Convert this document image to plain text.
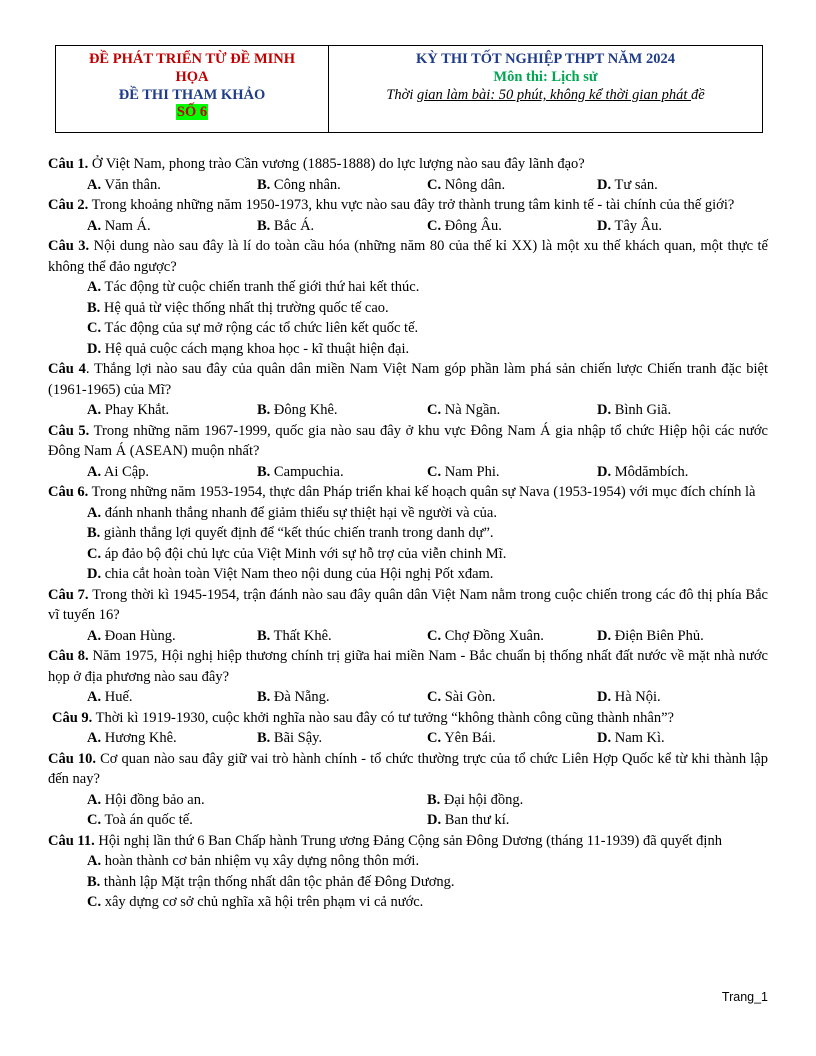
ĐỀ PHÁT TRIỂN TỪ ĐỀ MINH
HỌA
ĐỀ THI THAM KHẢO
SỐ 6
KỲ THI TỐT NGHIỆP THPT NĂM 2024
Môn thi: Lịch sử
Thời gian làm bài: 50 phút, không kể thời gian phát đề

Câu 1. Ở Việt Nam, phong trào Cần vương (1885-1888) do lực lượng nào sau đây lãnh đạo?

A. Văn thân.	B. Công nhân.	C. Nông dân.	D. Tư sản.

Câu 2. Trong khoảng những năm 1950-1973, khu vực nào sau đây trở thành trung tâm kinh tế - tài chính của thế giới?

A. Nam Á.	B. Bắc Á.	C. Đông Âu.	D. Tây Âu.

Câu 3. Nội dung nào sau đây là lí do toàn cầu hóa (những năm 80 của thế kỉ XX) là một xu thế khách quan, một thực tế không thể đảo ngược?

A. Tác động từ cuộc chiến tranh thế giới thứ hai kết thúc.
B. Hệ quả từ việc thống nhất thị trường quốc tế cao.
C. Tác động của sự mở rộng các tổ chức liên kết quốc tế.
D. Hệ quả cuộc cách mạng khoa học - kĩ thuật hiện đại.

Câu 4. Thắng lợi nào sau đây của quân dân miền Nam Việt Nam góp phần làm phá sản chiến lược Chiến tranh đặc biệt (1961-1965) của Mĩ?

A. Phay Khắt.	B. Đông Khê.	C. Nà Ngần.	D. Bình Giã.

Câu 5. Trong những năm 1967-1999, quốc gia nào sau đây ở khu vực Đông Nam Á gia nhập tổ chức Hiệp hội các nước Đông Nam Á (ASEAN) muộn nhất?

A. Ai Cập.	B. Campuchia.	C. Nam Phi.	D. Môdămbích.

Câu 6. Trong những năm 1953-1954, thực dân Pháp triển khai kế hoạch quân sự Nava (1953-1954) với mục đích chính là

A. đánh nhanh thắng nhanh để giảm thiểu sự thiệt hại về người và của.
B. giành thắng lợi quyết định để “kết thúc chiến tranh trong danh dự”.
C. áp đảo bộ đội chủ lực của Việt Minh với sự hỗ trợ của viễn chinh Mĩ.
D. chia cắt hoàn toàn Việt Nam theo nội dung của Hội nghị Pốt xđam.

Câu 7. Trong thời kì 1945-1954, trận đánh nào sau đây quân dân Việt Nam nằm trong cuộc chiến trong các đô thị phía Bắc vĩ tuyến 16?

A. Đoan Hùng.	B. Thất Khê.	C. Chợ Đồng Xuân.	D. Điện Biên Phủ.

Câu 8. Năm 1975, Hội nghị hiệp thương chính trị giữa hai miền Nam - Bắc chuẩn bị thống nhất đất nước về mặt nhà nước họp ở địa phương nào sau đây?

A. Huế.	B. Đà Nẵng.	C. Sài Gòn.	D. Hà Nội.

Câu 9. Thời kì 1919-1930, cuộc khởi nghĩa nào sau đây có tư tưởng “không thành công cũng thành nhân”?

A. Hương Khê.	B. Bãi Sậy.	C. Yên Bái.	D. Nam Kì.

Câu 10. Cơ quan nào sau đây giữ vai trò hành chính - tổ chức thường trực của tổ chức Liên Hợp Quốc kể từ khi thành lập đến nay?

A. Hội đồng bảo an.	B. Đại hội đồng.
C. Toà án quốc tế.	D. Ban thư kí.

Câu 11. Hội nghị lần thứ 6 Ban Chấp hành Trung ương Đảng Cộng sản Đông Dương (tháng 11-1939) đã quyết định

A. hoàn thành cơ bản nhiệm vụ xây dựng nông thôn mới.
B. thành lập Mặt trận thống nhất dân tộc phản đế Đông Dương.
C. xây dựng cơ sở chủ nghĩa xã hội trên phạm vi cả nước.
Trang_1
